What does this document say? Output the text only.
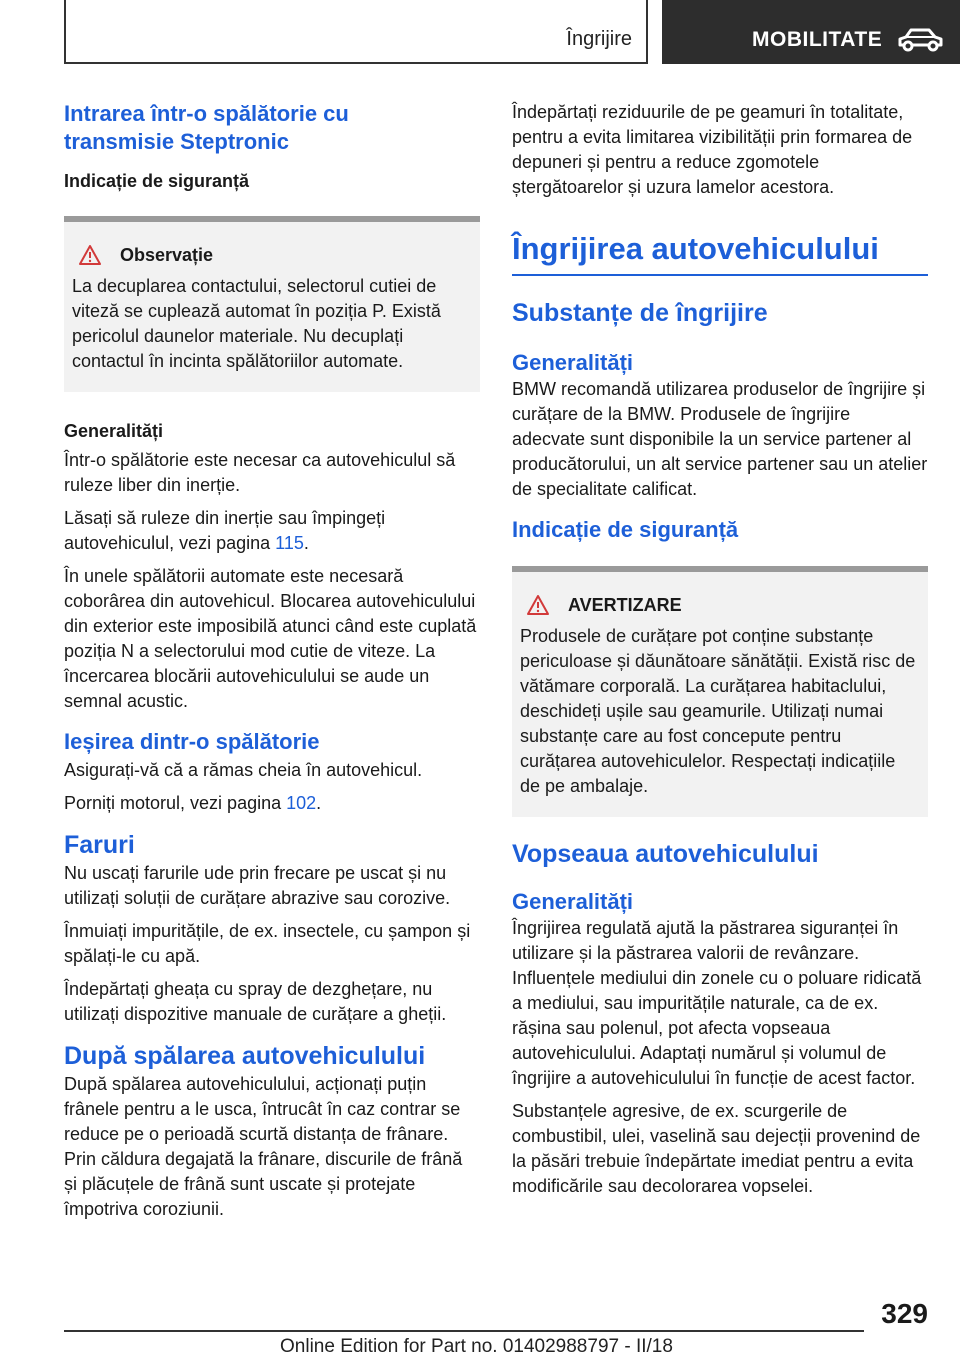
Îngrijire	MOBILITATE
Intrarea într-o spălătorie cu
transmisie Steptronic
Indicație de siguranță
Observație

La decuplarea contactului, selectorul cutiei de viteză se cuplează automat în poziția P. Există pericolul daunelor materiale. Nu decuplați contactul în incinta spălătoriilor automate.

Generalități

Într-o spălătorie este necesar ca autovehiculul să ruleze liber din inerție.

Lăsați să ruleze din inerție sau împingeți autovehiculul, vezi pagina 115.

În unele spălătorii automate este necesară coborârea din autovehicul. Blocarea autovehiculului din exterior este imposibilă atunci când este cuplată poziția N a selectorului mod cutie de viteze. La încercarea blocării autovehiculului se aude un semnal acustic.

Ieșirea dintr-o spălătorie

Asigurați-vă că a rămas cheia în autovehicul.

Porniți motorul, vezi pagina 102.

Faruri

Nu uscați farurile ude prin frecare pe uscat și nu utilizați soluții de curățare abrazive sau corozive.

Înmuiați impuritățile, de ex. insectele, cu șampon și spălați-le cu apă.

Îndepărtați gheața cu spray de dezghețare, nu utilizați dispozitive manuale de curățare a gheții.

După spălarea autovehiculului

După spălarea autovehiculului, acționați puțin frânele pentru a le usca, întrucât în caz contrar se reduce pe o perioadă scurtă distanța de frânare. Prin căldura degajată la frânare, discurile de frână și plăcuțele de frână sunt uscate și protejate împotriva coroziunii.

Îndepărtați reziduurile de pe geamuri în totalitate, pentru a evita limitarea vizibilității prin formarea de depuneri și pentru a reduce zgomotele ștergătoarelor și uzura lamelor acestora.

Îngrijirea autovehiculului
Substanțe de îngrijire
Generalități

BMW recomandă utilizarea produselor de îngrijire și curățare de la BMW. Produsele de îngrijire adecvate sunt disponibile la un service partener al producătorului, un alt service partener sau un atelier de specialitate calificat.

Indicație de siguranță
AVERTIZARE

Produsele de curățare pot conține substanțe periculoase și dăunătoare sănătății. Există risc de vătămare corporală. La curățarea habitaclului, deschideți ușile sau geamurile. Utilizați numai substanțe care au fost concepute pentru curățarea autovehiculelor. Respectați indicațiile de pe ambalaje.

Vopseaua autovehiculului
Generalități

Îngrijirea regulată ajută la păstrarea siguranței în utilizare și la păstrarea valorii de revânzare. Influențele mediului din zonele cu o poluare ridicată a mediului, sau impuritățile naturale, ca de ex. rășina sau polenul, pot afecta vopseaua autovehiculului. Adaptați numărul și volumul de îngrijire a autovehiculului în funcție de acest factor.

Substanțele agresive, de ex. scurgerile de combustibil, ulei, vaselină sau dejecții provenind de la păsări trebuie îndepărtate imediat pentru a evita modificările sau decolorarea vopselei.

329
Online Edition for Part no. 01402988797 - II/18
